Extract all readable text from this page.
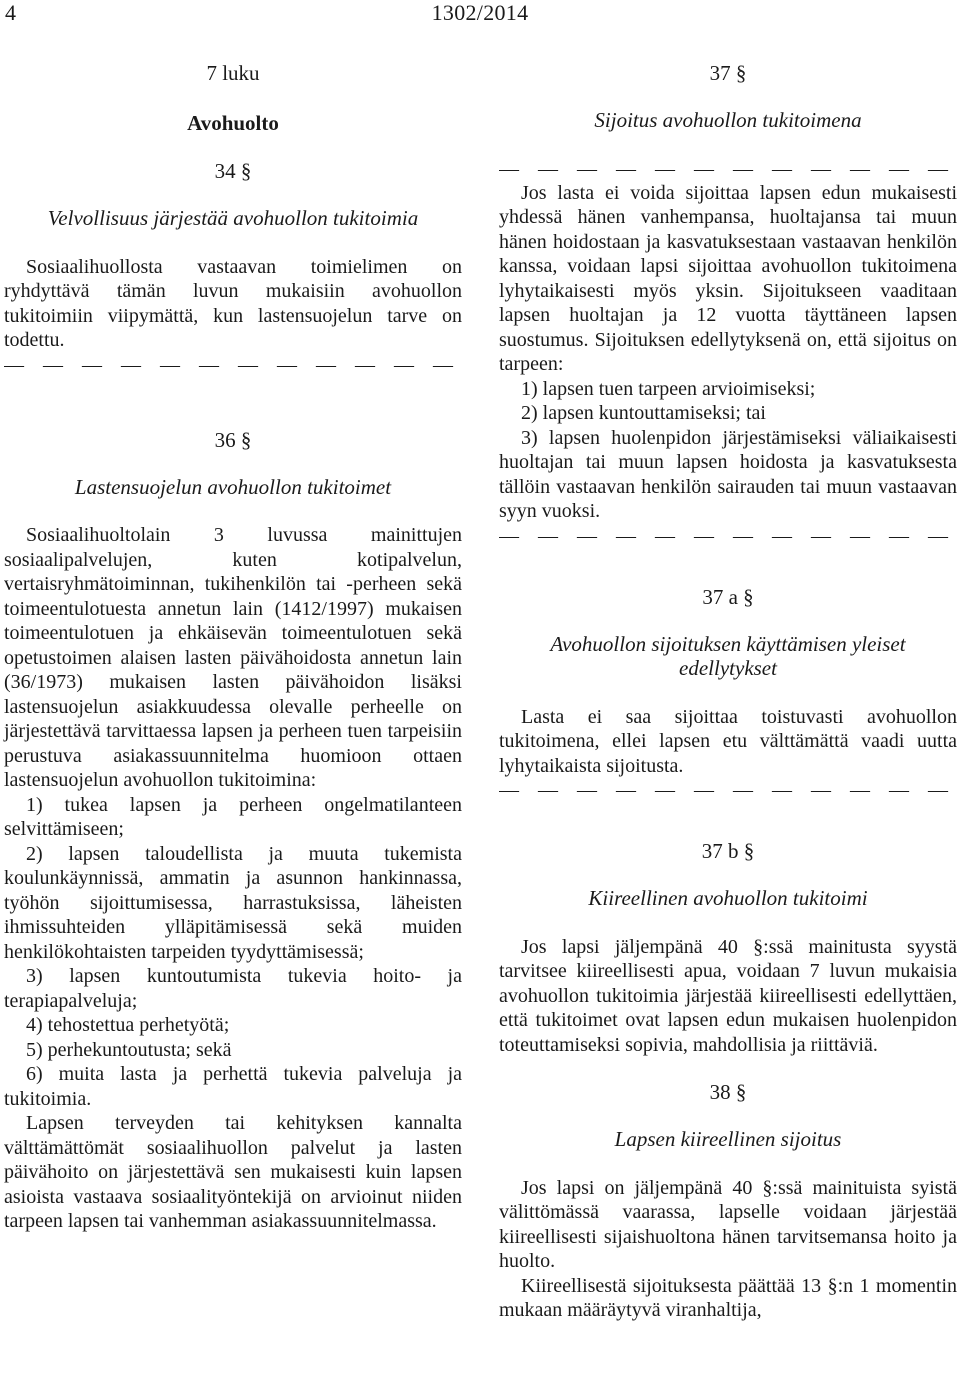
4	1302/2014
7 luku
Avohuolto
34 §
Velvollisuus järjestää avohuollon tukitoimia

Sosiaalihuollosta vastaavan toimielimen on ryhdyttävä tämän luvun mukaisiin avohuollon tukitoimiin viipymättä, kun lastensuojelun tarve on todettu.

— — — — — — — — — — — —
36 §
Lastensuojelun avohuollon tukitoimet

Sosiaalihuoltolain 3 luvussa mainittujen sosiaalipalvelujen, kuten kotipalvelun, vertaisryhmätoiminnan, tukihenkilön tai -perheen sekä toimeentulotuesta annetun lain (1412/1997) mukaisen toimeentulotuen ja ehkäisevän toimeentulotuen sekä opetustoimen alaisen lasten päivähoidosta annetun lain (36/1973) mukaisen lasten päivähoidon lisäksi lastensuojelun asiakkuudessa olevalle perheelle on järjestettävä tarvittaessa lapsen ja perheen tuen tarpeisiin perustuva asiakassuunnitelma huomioon ottaen lastensuojelun avohuollon tukitoimina:

1) tukea lapsen ja perheen ongelmatilanteen selvittämiseen;

2) lapsen taloudellista ja muuta tukemista koulunkäynnissä, ammatin ja asunnon hankinnassa, työhön sijoittumisessa, harrastuksissa, läheisten ihmissuhteiden ylläpitämisessä sekä muiden henkilökohtaisten tarpeiden tyydyttämisessä;

3) lapsen kuntoutumista tukevia hoito- ja terapiapalveluja;

4) tehostettua perhetyötä;

5) perhekuntoutusta; sekä

6) muita lasta ja perhettä tukevia palveluja ja tukitoimia.

Lapsen terveyden tai kehityksen kannalta välttämättömät sosiaalihuollon palvelut ja lasten päivähoito on järjestettävä sen mukaisesti kuin lapsen asioista vastaava sosiaalityöntekijä on arvioinut niiden tarpeen lapsen tai vanhemman asiakassuunnitelmassa.

37 §
Sijoitus avohuollon tukitoimena
— — — — — — — — — — — —

Jos lasta ei voida sijoittaa lapsen edun mukaisesti yhdessä hänen vanhempansa, huoltajansa tai muun hänen hoidostaan ja kasvatuksestaan vastaavan henkilön kanssa, voidaan lapsi sijoittaa avohuollon tukitoimena lyhytaikaisesti myös yksin. Sijoitukseen vaaditaan lapsen huoltajan ja 12 vuotta täyttäneen lapsen suostumus. Sijoituksen edellytyksenä on, että sijoitus on tarpeen:

1) lapsen tuen tarpeen arvioimiseksi;

2) lapsen kuntouttamiseksi; tai

3) lapsen huolenpidon järjestämiseksi väliaikaisesti huoltajan tai muun lapsen hoidosta ja kasvatuksesta tällöin vastaavan henkilön sairauden tai muun vastaavan syyn vuoksi.

— — — — — — — — — — — —
37 a §
Avohuollon sijoituksen käyttämisen yleiset edellytykset

Lasta ei saa sijoittaa toistuvasti avohuollon tukitoimena, ellei lapsen etu välttämättä vaadi uutta lyhytaikaista sijoitusta.

— — — — — — — — — — — —
37 b §
Kiireellinen avohuollon tukitoimi

Jos lapsi jäljempänä 40 §:ssä mainitusta syystä tarvitsee kiireellisesti apua, voidaan 7 luvun mukaisia avohuollon tukitoimia järjestää kiireellisesti edellyttäen, että tukitoimet ovat lapsen edun mukaisen huolenpidon toteuttamiseksi sopivia, mahdollisia ja riittäviä.

38 §
Lapsen kiireellinen sijoitus

Jos lapsi on jäljempänä 40 §:ssä mainituista syistä välittömässä vaarassa, lapselle voidaan järjestää kiireellisesti sijaishuoltona hänen tarvitsemansa hoito ja huolto.

Kiireellisestä sijoituksesta päättää 13 §:n 1 momentin mukaan määräytyvä viranhaltija,
